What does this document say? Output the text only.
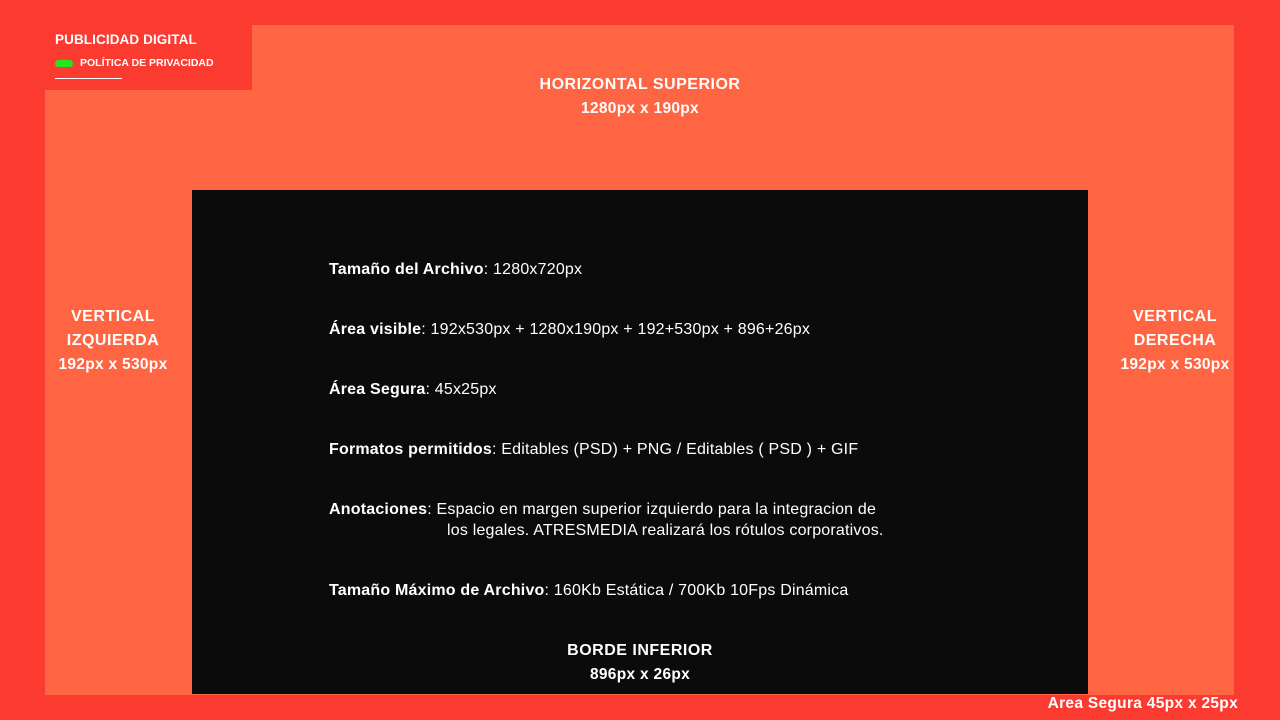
PUBLICIDAD DIGITAL
POLÍTICA DE PRIVACIDAD
HORIZONTAL SUPERIOR
1280px x 190px
VERTICAL
IZQUIERDA
192px x 530px
VERTICAL
DERECHA
192px x 530px
Tamaño del Archivo: 1280x720px
Área visible: 192x530px + 1280x190px + 192+530px + 896+26px
Área Segura: 45x25px
Formatos permitidos: Editables (PSD) + PNG / Editables ( PSD ) + GIF
Anotaciones: Espacio en margen superior izquierdo para la integracion de
los legales. ATRESMEDIA realizará los rótulos corporativos.
Tamaño Máximo de Archivo: 160Kb Estática / 700Kb 10Fps Dinámica
BORDE INFERIOR
896px x 26px
Area Segura 45px x 25px
